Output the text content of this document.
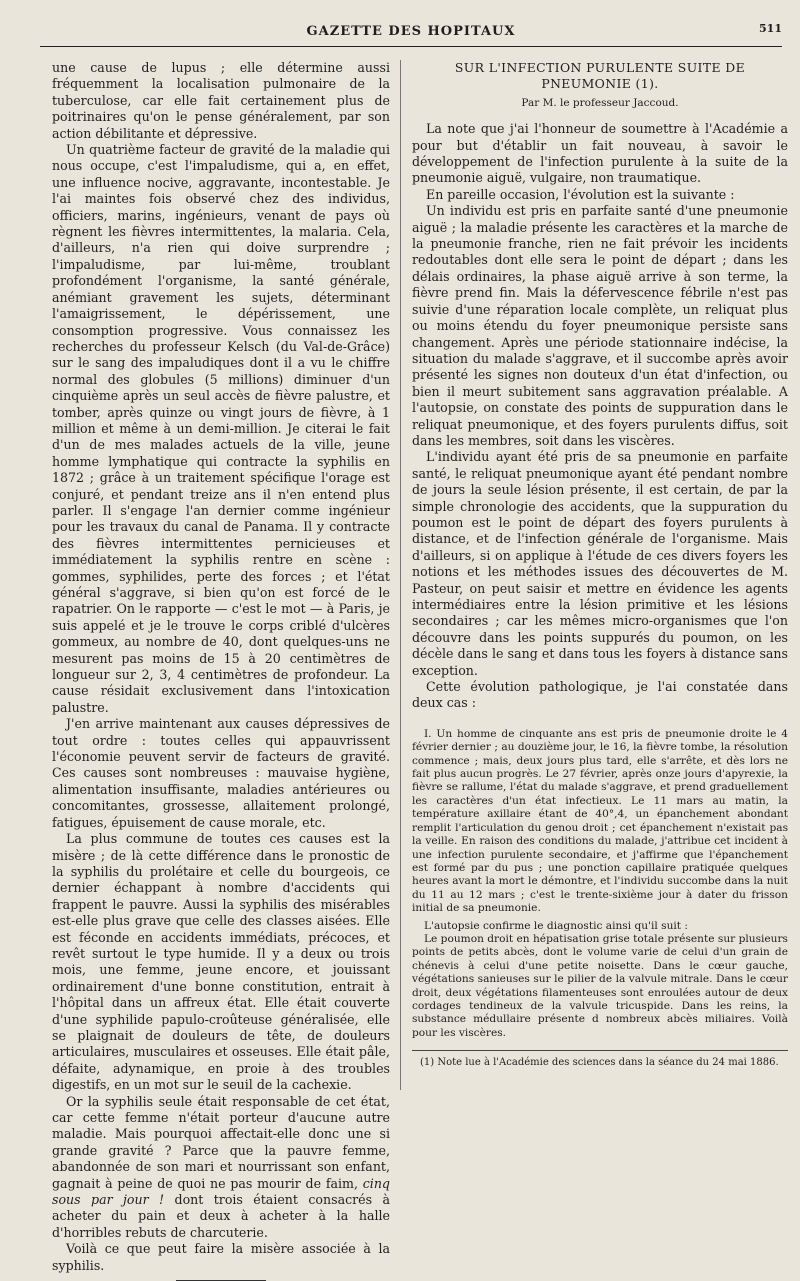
GAZETTE DES HOPITAUX	511

une cause de lupus ; elle détermine aussi fréquemment la localisation pulmonaire de la tuberculose, car elle fait certainement plus de poitrinaires qu'on le pense généralement, par son action débilitante et dépressive.

Un quatrième facteur de gravité de la maladie qui nous occupe, c'est l'impaludisme, qui a, en effet, une influence nocive, aggravante, incontestable. Je l'ai maintes fois observé chez des individus, officiers, marins, ingénieurs, venant de pays où règnent les fièvres intermittentes, la malaria. Cela, d'ailleurs, n'a rien qui doive surprendre ; l'impaludisme, par lui-même, troublant profondément l'organisme, la santé générale, anémiant gravement les sujets, déterminant l'amaigrissement, le dépérissement, une consomption progressive. Vous connaissez les recherches du professeur Kelsch (du Val-de-Grâce) sur le sang des impaludiques dont il a vu le chiffre normal des globules (5 millions) diminuer d'un cinquième après un seul accès de fièvre palustre, et tomber, après quinze ou vingt jours de fièvre, à 1 million et même à un demi-million. Je citerai le fait d'un de mes malades actuels de la ville, jeune homme lymphatique qui contracte la syphilis en 1872 ; grâce à un traitement spécifique l'orage est conjuré, et pendant treize ans il n'en entend plus parler. Il s'engage l'an dernier comme ingénieur pour les travaux du canal de Panama. Il y contracte des fièvres intermittentes pernicieuses et immédiatement la syphilis rentre en scène : gommes, syphilides, perte des forces ; et l'état général s'aggrave, si bien qu'on est forcé de le rapatrier. On le rapporte — c'est le mot — à Paris, je suis appelé et je le trouve le corps criblé d'ulcères gommeux, au nombre de 40, dont quelques-uns ne mesurent pas moins de 15 à 20 centimètres de longueur sur 2, 3, 4 centimètres de profondeur. La cause résidait exclusivement dans l'intoxication palustre.

J'en arrive maintenant aux causes dépressives de tout ordre : toutes celles qui appauvrissent l'économie peuvent servir de facteurs de gravité. Ces causes sont nombreuses : mauvaise hygiène, alimentation insuffisante, maladies antérieures ou concomitantes, grossesse, allaitement prolongé, fatigues, épuisement de cause morale, etc.

La plus commune de toutes ces causes est la misère ; de là cette différence dans le pronostic de la syphilis du prolétaire et celle du bourgeois, ce dernier échappant à nombre d'accidents qui frappent le pauvre. Aussi la syphilis des misérables est-elle plus grave que celle des classes aisées. Elle est féconde en accidents immédiats, précoces, et revêt surtout le type humide. Il y a deux ou trois mois, une femme, jeune encore, et jouissant ordinairement d'une bonne constitution, entrait à l'hôpital dans un affreux état. Elle était couverte d'une syphilide papulo-croûteuse généralisée, elle se plaignait de douleurs de tête, de douleurs articulaires, musculaires et osseuses. Elle était pâle, défaite, adynamique, en proie à des troubles digestifs, en un mot sur le seuil de la cachexie.

Or la syphilis seule était responsable de cet état, car cette femme n'était porteur d'aucune autre maladie. Mais pourquoi affectait-elle donc une si grande gravité ? Parce que la pauvre femme, abandonnée de son mari et nourrissant son enfant, gagnait à peine de quoi ne pas mourir de faim, cinq sous par jour ! dont trois étaient consacrés à acheter du pain et deux à acheter à la halle d'horribles rebuts de charcuterie.

Voilà ce que peut faire la misère associée à la syphilis.

SUR L'INFECTION PURULENTE SUITE DE PNEUMONIE (1).
Par M. le professeur Jaccoud.

La note que j'ai l'honneur de soumettre à l'Académie a pour but d'établir un fait nouveau, à savoir le développement de l'infection purulente à la suite de la pneumonie aiguë, vulgaire, non traumatique.

En pareille occasion, l'évolution est la suivante :

Un individu est pris en parfaite santé d'une pneumonie aiguë ; la maladie présente les caractères et la marche de la pneumonie franche, rien ne fait prévoir les incidents redoutables dont elle sera le point de départ ; dans les délais ordinaires, la phase aiguë arrive à son terme, la fièvre prend fin. Mais la défervescence fébrile n'est pas suivie d'une réparation locale complète, un reliquat plus ou moins étendu du foyer pneumonique persiste sans changement. Après une période stationnaire indécise, la situation du malade s'aggrave, et il succombe après avoir présenté les signes non douteux d'un état d'infection, ou bien il meurt subitement sans aggravation préalable. A l'autopsie, on constate des points de suppuration dans le reliquat pneumonique, et des foyers purulents diffus, soit dans les membres, soit dans les viscères.

L'individu ayant été pris de sa pneumonie en parfaite santé, le reliquat pneumonique ayant été pendant nombre de jours la seule lésion présente, il est certain, de par la simple chronologie des accidents, que la suppuration du poumon est le point de départ des foyers purulents à distance, et de l'infection générale de l'organisme. Mais d'ailleurs, si on applique à l'étude de ces divers foyers les notions et les méthodes issues des découvertes de M. Pasteur, on peut saisir et mettre en évidence les agents intermédiaires entre la lésion primitive et les lésions secondaires ; car les mêmes micro-organismes que l'on découvre dans les points suppurés du poumon, on les décèle dans le sang et dans tous les foyers à distance sans exception.

Cette évolution pathologique, je l'ai constatée dans deux cas :

I. Un homme de cinquante ans est pris de pneumonie droite le 4 février dernier ; au douzième jour, le 16, la fièvre tombe, la résolution commence ; mais, deux jours plus tard, elle s'arrête, et dès lors ne fait plus aucun progrès. Le 27 février, après onze jours d'apyrexie, la fièvre se rallume, l'état du malade s'aggrave, et prend graduellement les caractères d'un état infectieux. Le 11 mars au matin, la température axillaire étant de 40°,4, un épanchement abondant remplit l'articulation du genou droit ; cet épanchement n'existait pas la veille. En raison des conditions du malade, j'attribue cet incident à une infection purulente secondaire, et j'affirme que l'épanchement est formé par du pus ; une ponction capillaire pratiquée quelques heures avant la mort le démontre, et l'individu succombe dans la nuit du 11 au 12 mars ; c'est le trente-sixième jour à dater du frisson initial de sa pneumonie.

L'autopsie confirme le diagnostic ainsi qu'il suit :

Le poumon droit en hépatisation grise totale présente sur plusieurs points de petits abcès, dont le volume varie de celui d'un grain de chénevis à celui d'une petite noisette. Dans le cœur gauche, végétations sanieuses sur le pilier de la valvule mitrale. Dans le cœur droit, deux végétations filamenteuses sont enroulées autour de deux cordages tendineux de la valvule tricuspide. Dans les reins, la substance médullaire présente d nombreux abcès miliaires. Voilà pour les viscères.

(1) Note lue à l'Académie des sciences dans la séance du 24 mai 1886.
